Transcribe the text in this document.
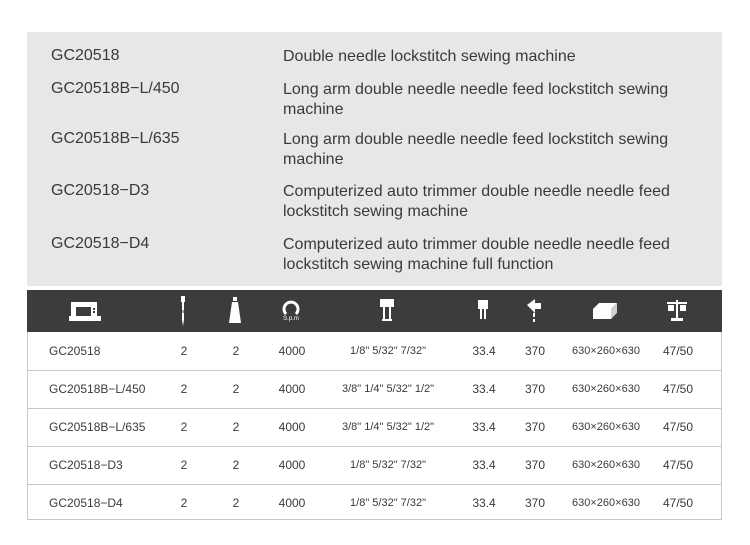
GC20518	Double needle lockstitch sewing machine
GC20518B−L/450	Long arm double needle needle feed lockstitch sewing machine
GC20518B−L/635	Long arm double needle needle feed lockstitch sewing machine
GC20518−D3	Computerized auto trimmer double needle needle feed lockstitch sewing machine
GC20518−D4	Computerized auto trimmer double needle needle feed lockstitch sewing machine full function
S.p.m
GC20518	2	2	4000	1/8" 5/32" 7/32"	33.4	370	630×260×630	47/50
GC20518B−L/450	2	2	4000	3/8" 1/4" 5/32" 1/2"	33.4	370	630×260×630	47/50
GC20518B−L/635	2	2	4000	3/8" 1/4" 5/32" 1/2"	33.4	370	630×260×630	47/50
GC20518−D3	2	2	4000	1/8" 5/32" 7/32"	33.4	370	630×260×630	47/50
GC20518−D4	2	2	4000	1/8" 5/32" 7/32"	33.4	370	630×260×630	47/50
